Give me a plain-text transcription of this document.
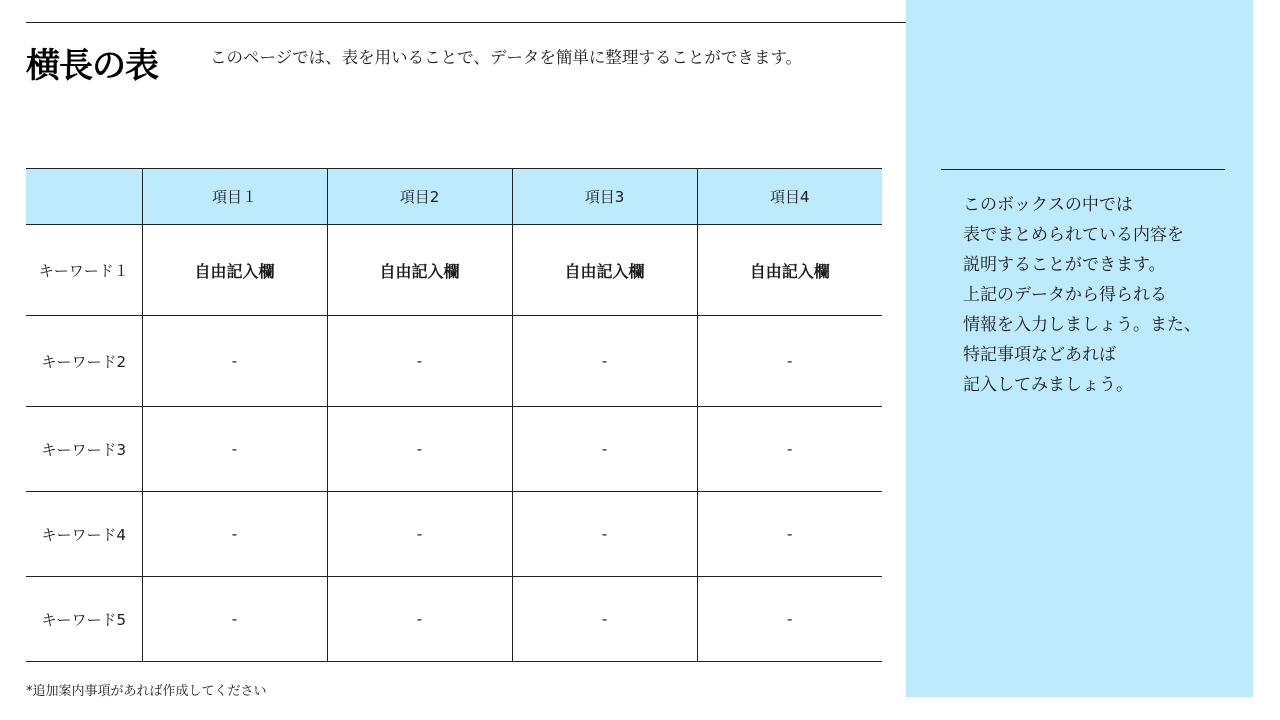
横長の表	このページでは、表を用いることで、データを簡単に整理することができます。
	項目１	項目2	項目3	項目4
キーワード１	自由記入欄	自由記入欄	自由記入欄	自由記入欄
キーワード2	-	-	-	-
キーワード3	-	-	-	-
キーワード4	-	-	-	-
キーワード5	-	-	-	-
このボックスの中では
表でまとめられている内容を
説明することができます。
上記のデータから得られる
情報を入力しましょう。また、
特記事項などあれば
記入してみましょう。
*追加案内事項があれば作成してください
